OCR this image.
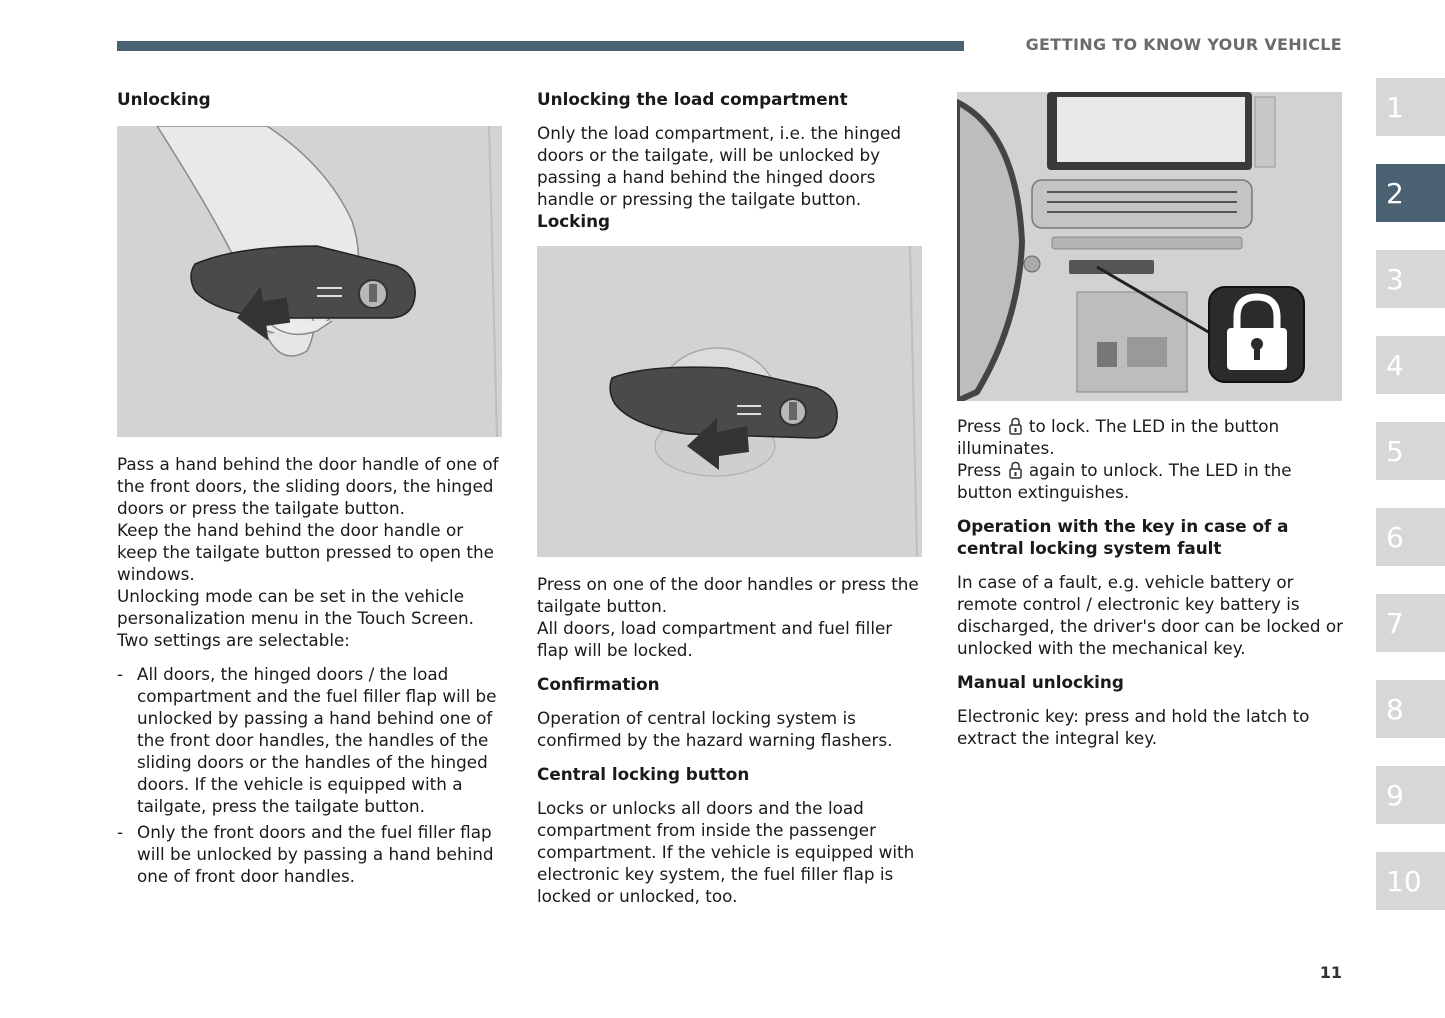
GETTING TO KNOW YOUR VEHICLE
Unlocking

Pass a hand behind the door handle of one of the front doors, the sliding doors, the hinged doors or press the tailgate button.

Keep the hand behind the door handle or keep the tailgate button pressed to open the windows.

Unlocking mode can be set in the vehicle personalization menu in the Touch Screen. Two settings are selectable:

- All doors, the hinged doors / the load compartment and the fuel filler flap will be unlocked by passing a hand behind one of the front door handles, the handles of the sliding doors or the handles of the hinged doors. If the vehicle is equipped with a tailgate, press the tailgate button.
- Only the front doors and the fuel filler flap will be unlocked by passing a hand behind one of front door handles.
Unlocking the load compartment

Only the load compartment, i.e. the hinged doors or the tailgate, will be unlocked by passing a hand behind the hinged doors handle or pressing the tailgate button.

Locking

Press on one of the door handles or press the tailgate button.

All doors, load compartment and fuel filler flap will be locked.

Confirmation

Operation of central locking system is confirmed by the hazard warning flashers.

Central locking button

Locks or unlocks all doors and the load compartment from inside the passenger compartment. If the vehicle is equipped with electronic key system, the fuel filler flap is locked or unlocked, too.

Press to lock. The LED in the button illuminates.

Press again to unlock. The LED in the button extinguishes.

Operation with the key in case of a central locking system fault

In case of a fault, e.g. vehicle battery or remote control / electronic key battery is discharged, the driver's door can be locked or unlocked with the mechanical key.

Manual unlocking

Electronic key: press and hold the latch to extract the integral key.

1
2
3
4
5
6
7
8
9
10
11
